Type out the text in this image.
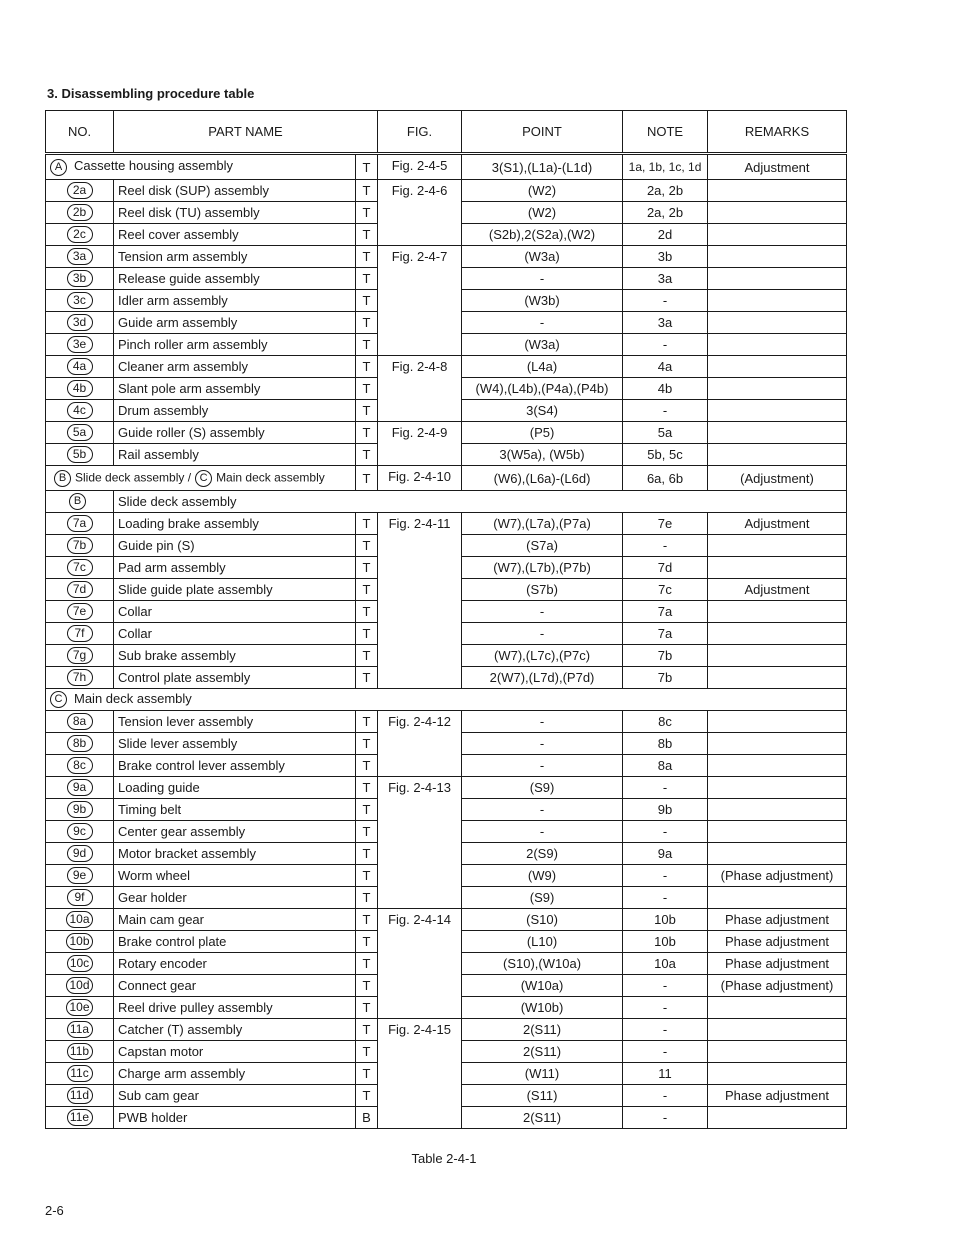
3. Disassembling procedure table
NO.	PART NAME		FIG.	POINT	NOTE	REMARKS
A Cassette housing assembly		T	Fig. 2-4-5	3(S1),(L1a)-(L1d)	1a, 1b, 1c, 1d	Adjustment
2a	Reel disk (SUP) assembly	T	Fig. 2-4-6	(W2)	2a, 2b	
2b	Reel disk (TU) assembly	T		(W2)	2a, 2b	
2c	Reel cover assembly	T		(S2b),2(S2a),(W2)	2d	
3a	Tension arm assembly	T	Fig. 2-4-7	(W3a)	3b	
3b	Release guide assembly	T		-	3a	
3c	Idler arm assembly	T		(W3b)	-	
3d	Guide arm assembly	T		-	3a	
3e	Pinch roller arm assembly	T		(W3a)	-	
4a	Cleaner arm assembly	T	Fig. 2-4-8	(L4a)	4a	
4b	Slant pole arm assembly	T		(W4),(L4b),(P4a),(P4b)	4b	
4c	Drum assembly	T		3(S4)	-	
5a	Guide roller (S) assembly	T	Fig. 2-4-9	(P5)	5a	
5b	Rail assembly	T		3(W5a), (W5b)	5b, 5c	
B Slide deck assembly / C Main deck assembly		T	Fig. 2-4-10	(W6),(L6a)-(L6d)	6a, 6b	(Adjustment)
B	Slide deck assembly					
7a	Loading brake assembly	T	Fig. 2-4-11	(W7),(L7a),(P7a)	7e	Adjustment
7b	Guide pin (S)	T		(S7a)	-	
7c	Pad arm assembly	T		(W7),(L7b),(P7b)	7d	
7d	Slide guide plate assembly	T		(S7b)	7c	Adjustment
7e	Collar	T		-	7a	
7f	Collar	T		-	7a	
7g	Sub brake assembly	T		(W7),(L7c),(P7c)	7b	
7h	Control plate assembly	T		2(W7),(L7d),(P7d)	7b	
C Main deck assembly						
8a	Tension lever assembly	T	Fig. 2-4-12	-	8c	
8b	Slide lever assembly	T		-	8b	
8c	Brake control lever assembly	T		-	8a	
9a	Loading guide	T	Fig. 2-4-13	(S9)	-	
9b	Timing belt	T		-	9b	
9c	Center gear assembly	T		-	-	
9d	Motor bracket assembly	T		2(S9)	9a	
9e	Worm wheel	T		(W9)	-	(Phase adjustment)
9f	Gear holder	T		(S9)	-	
10a	Main cam gear	T	Fig. 2-4-14	(S10)	10b	Phase adjustment
10b	Brake control plate	T		(L10)	10b	Phase adjustment
10c	Rotary encoder	T		(S10),(W10a)	10a	Phase adjustment
10d	Connect gear	T		(W10a)	-	(Phase adjustment)
10e	Reel drive pulley assembly	T		(W10b)	-	
11a	Catcher (T) assembly	T	Fig. 2-4-15	2(S11)	-	
11b	Capstan motor	T		2(S11)	-	
11c	Charge arm assembly	T		(W11)	11	
11d	Sub cam gear	T		(S11)	-	Phase adjustment
11e	PWB holder	B		2(S11)	-	
Table 2-4-1
2-6
